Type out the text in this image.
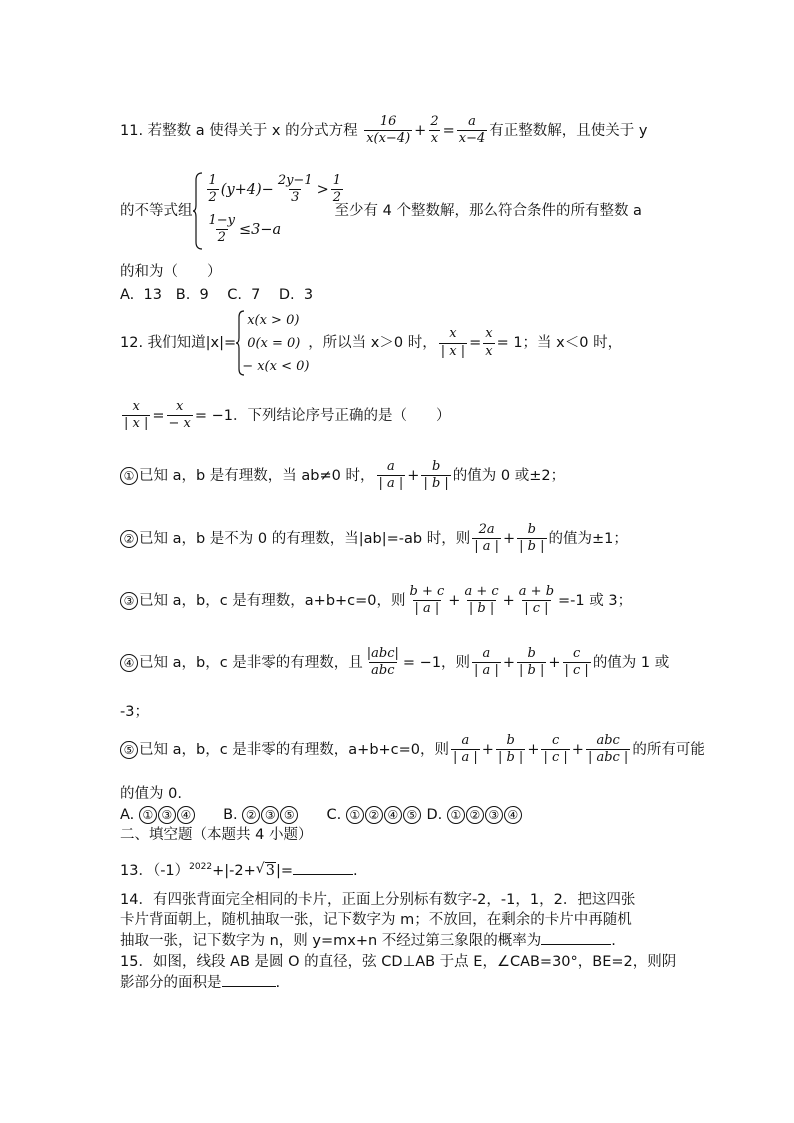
11. 若整数 a 使得关于 x 的分式方程 $\frac{16}{x(x-4)} + \frac{2}{x} = \frac{a}{x-4}$ 有正整数解，且使关于 y
的不等式组
$\frac{1}{2} (y+4)- \frac{2y-1}{3} > \frac{1}{2}$
$\frac{1-y}{2} \le 3-a$
至少有 4 个整数解，那么符合条件的所有整数 a
的和为（　　）
A.  13   B.  9    C.  7    D.  3
12. 我们知道|x|=
x(x > 0)
0(x = 0)
− x(x < 0)
，所以当 x＞0 时， $\frac{x}{| x |} = \frac{x}{x} = 1$；当 x＜0 时，
$\frac{x}{| x |} = \frac{x}{- x} = -1$．下列结论序号正确的是（　　）
① 已知 a，b 是有理数，当 ab≠0 时， $\frac{a}{| a |} + \frac{b}{| b |}$ 的值为 0 或±2；
② 已知 a，b 是不为 0 的有理数，当|ab|=-ab 时，则 $\frac{2a}{| a |} + \frac{b}{| b |}$ 的值为±1；
③ 已知 a，b，c 是有理数，a+b+c=0，则 $\frac{b + c}{| a |} + \frac{a + c}{| b |} + \frac{a + b}{| c |} =-1$ 或 3；
④ 已知 a，b，c 是非零的有理数，且 $\frac{\text{|abc|}}{\text{abc}} = -1$，则 $\frac{a}{| a |} + \frac{b}{| b |} + \frac{c}{| c |}$ 的值为 1 或
-3；
⑤ 已知 a，b，c 是非零的有理数，a+b+c=0，则 $\frac{a}{| a |} + \frac{b}{| b |} + \frac{c}{| c |} + \frac{\text{abc}}{\text{| abc |}}$ 的所有可能
的值为 0.
A. ① ③ ④ B. ② ③ ⑤ C. ① ② ④ ⑤ D. ① ② ③ ④
二、填空题（本题共 4 小题）
13．$(-1)^{2022}+|-2+√$ 3|=	.
14．有四张背面完全相同的卡片，正面上分别标有数字-2，-1，1，2．把这四张
卡片背面朝上，随机抽取一张，记下数字为 m；不放回，在剩余的卡片中再随机
抽取一张，记下数字为 n，则 y=mx+n 不经过第三象限的概率为	.
15．如图，线段 AB 是圆 O 的直径，弦 CD⊥AB 于点 E，∠CAB=30°，BE=2，则阴
影部分的面积是	.
